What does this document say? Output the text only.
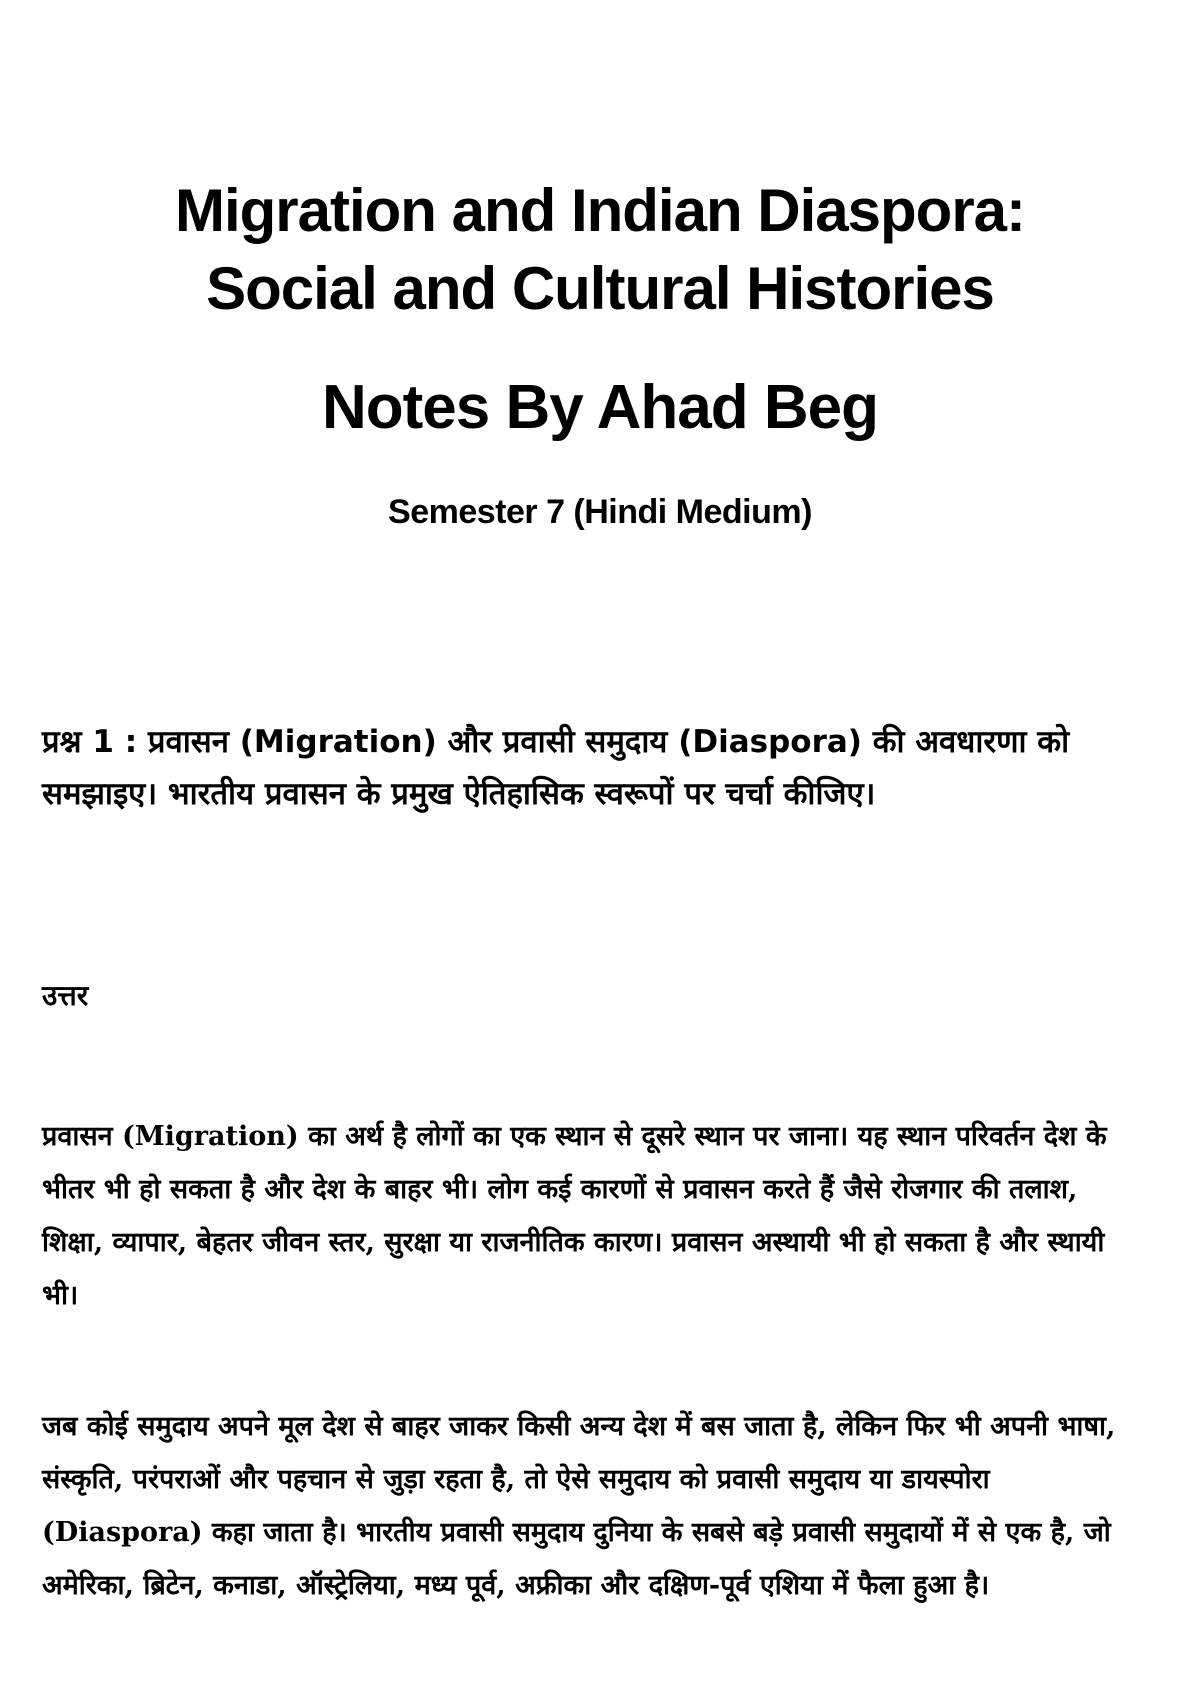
Migration and Indian Diaspora:
Social and Cultural Histories
Notes By Ahad Beg
Semester 7 (Hindi Medium)

प्रश्न 1 : प्रवासन (Migration) और प्रवासी समुदाय (Diaspora) की अवधारणा को समझाइए। भारतीय प्रवासन के प्रमुख ऐतिहासिक स्वरूपों पर चर्चा कीजिए।

उत्तर

प्रवासन (Migration) का अर्थ है लोगों का एक स्थान से दूसरे स्थान पर जाना। यह स्थान परिवर्तन देश के भीतर भी हो सकता है और देश के बाहर भी। लोग कई कारणों से प्रवासन करते हैं जैसे रोजगार की तलाश, शिक्षा, व्यापार, बेहतर जीवन स्तर, सुरक्षा या राजनीतिक कारण। प्रवासन अस्थायी भी हो सकता है और स्थायी भी।

जब कोई समुदाय अपने मूल देश से बाहर जाकर किसी अन्य देश में बस जाता है, लेकिन फिर भी अपनी भाषा, संस्कृति, परंपराओं और पहचान से जुड़ा रहता है, तो ऐसे समुदाय को प्रवासी समुदाय या डायस्पोरा (Diaspora) कहा जाता है। भारतीय प्रवासी समुदाय दुनिया के सबसे बड़े प्रवासी समुदायों में से एक है, जो अमेरिका, ब्रिटेन, कनाडा, ऑस्ट्रेलिया, मध्य पूर्व, अफ्रीका और दक्षिण-पूर्व एशिया में फैला हुआ है।
